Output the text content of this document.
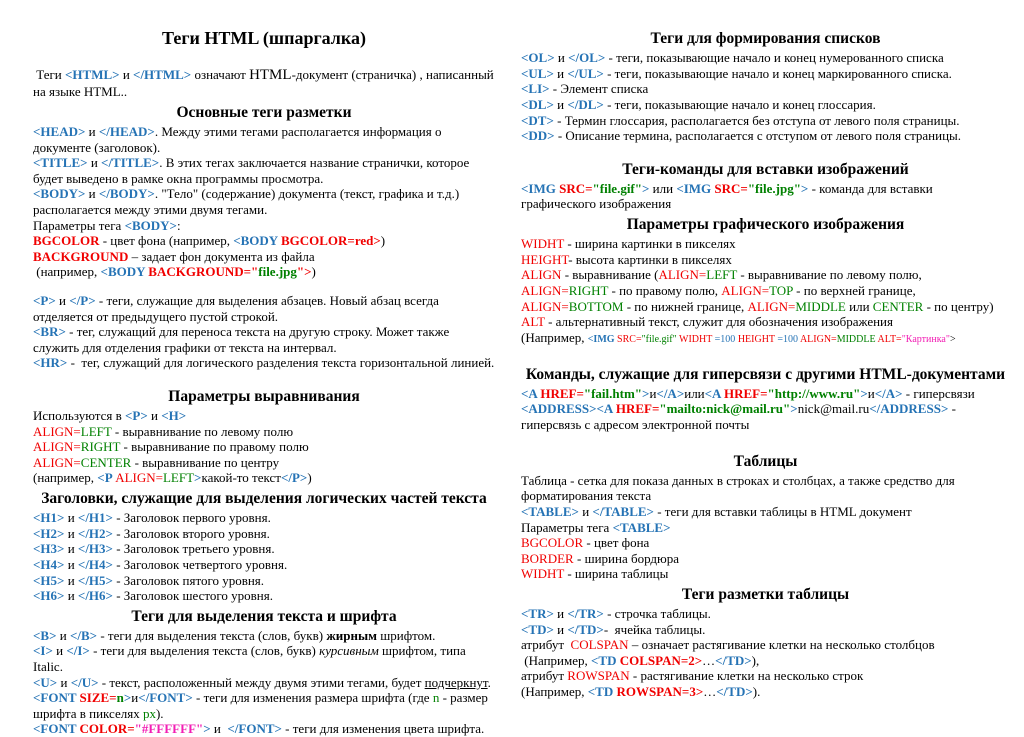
Теги HTML (шпаргалка)
Теги <HTML> и </HTML> означают HTML-документ (страничка) , написанный на языке HTML..
Основные теги разметки
<HEAD> и </HEAD>. Между этими тегами располагается информация о документе (заголовок).
<TITLE> и </TITLE>. В этих тегах заключается название странички, которое будет выведено в рамке окна программы просмотра.
<BODY> и </BODY>. "Тело" (содержание) документа (текст, графика и т.д.) располагается между этими двумя тегами.
Параметры тега <BODY>:
BGCOLOR - цвет фона (например, <BODY BGCOLOR=red>)
BACKGROUND – задает фон документа из файла
(например, <BODY BACKGROUND="file.jpg">)
<P> и </P> - теги, служащие для выделения абзацев. Новый абзац всегда отделяется от предыдущего пустой строкой.
<BR> - тег, служащий для переноса текста на другую строку. Может также служить для отделения графики от текста на интервал.
<HR> -  тег, служащий для логического разделения текста горизонтальной линией.
Параметры выравнивания
Используются в <P> и <H>
ALIGN=LEFT - выравнивание по левому полю
ALIGN=RIGHT - выравнивание по правому полю
ALIGN=CENTER - выравнивание по центру
(например, <P ALIGN=LEFT>какой-то текст</P>)
Заголовки, служащие для выделения логических частей текста
<H1> и </H1> - Заголовок первого уровня.
<H2> и </H2> - Заголовок второго уровня.
<H3> и </H3> - Заголовок третьего уровня.
<H4> и </H4> - Заголовок четвертого уровня.
<H5> и </H5> - Заголовок пятого уровня.
<H6> и </H6> - Заголовок шестого уровня.
Теги для выделения текста и шрифта
<B> и </B> - теги для выделения текста (слов, букв) жирным шрифтом.
<I> и </I> - теги для выделения текста (слов, букв) курсивным шрифтом, типа Italic.
<U> и </U> - текст, расположенный между двумя этими тегами, будет подчеркнут.
<FONT SIZE=n>и</FONT> - теги для изменения размера шрифта (где n - размер шрифта в пикселях px).
<FONT COLOR="#FFFFFF"> и  </FONT> - теги для изменения цвета шрифта.
Теги для формирования списков
<OL> и </OL> - теги, показывающие начало и конец нумерованного списка
<UL> и </UL> - теги, показывающие начало и конец маркированного списка.
<LI> - Элемент списка
<DL> и </DL> - теги, показывающие начало и конец глоссария.
<DT> - Термин глоссария, располагается без отступа от левого поля страницы.
<DD> - Описание термина, располагается с отступом от левого поля страницы.
Теги-команды для вставки изображений
<IMG SRC="file.gif"> или <IMG SRC="file.jpg"> - команда для вставки графического изображения
Параметры графического изображения
WIDHT - ширина картинки в пикселях
HEIGHT- высота картинки в пикселях
ALIGN - выравнивание (ALIGN=LEFT - выравнивание по левому полю,
ALIGN=RIGHT - по правому полю, ALIGN=TOP - по верхней границе,
ALIGN=BOTTOM - по нижней границе, ALIGN=MIDDLE или CENTER - по центру)
ALT - альтернативный текст, служит для обозначения изображения
(Например, <IMG SRC="file.gif" WIDHT =100 HEIGHT =100 ALIGN=MIDDLE ALT="Картинка">
Команды, служащие для гиперсвязи с другими HTML-документами
<A HREF="fail.htm">и</A>или<A HREF="http://www.ru">и</A> - гиперсвязи
<ADDRESS><A HREF="mailto:nick@mail.ru">nick@mail.ru</ADDRESS> - гиперсвязь с адресом электронной почты
Таблицы
Таблица - сетка для показа данных в строках и столбцах, а также средство для форматирования текста
<TABLE> и </TABLE> - теги для вставки таблицы в HTML документ
Параметры тега <TABLE>
BGCOLOR - цвет фона
BORDER - ширина бордюра
WIDHT - ширина таблицы
Теги разметки таблицы
<TR> и </TR> - строчка таблицы.
<TD> и </TD>-  ячейка таблицы.
атрибут  COLSPAN – означает растягивание клетки на несколько столбцов
(Например, <TD COLSPAN=2>…</TD>),
атрибут ROWSPAN - растягивание клетки на несколько строк
(Например, <TD ROWSPAN=3>…</TD>).
